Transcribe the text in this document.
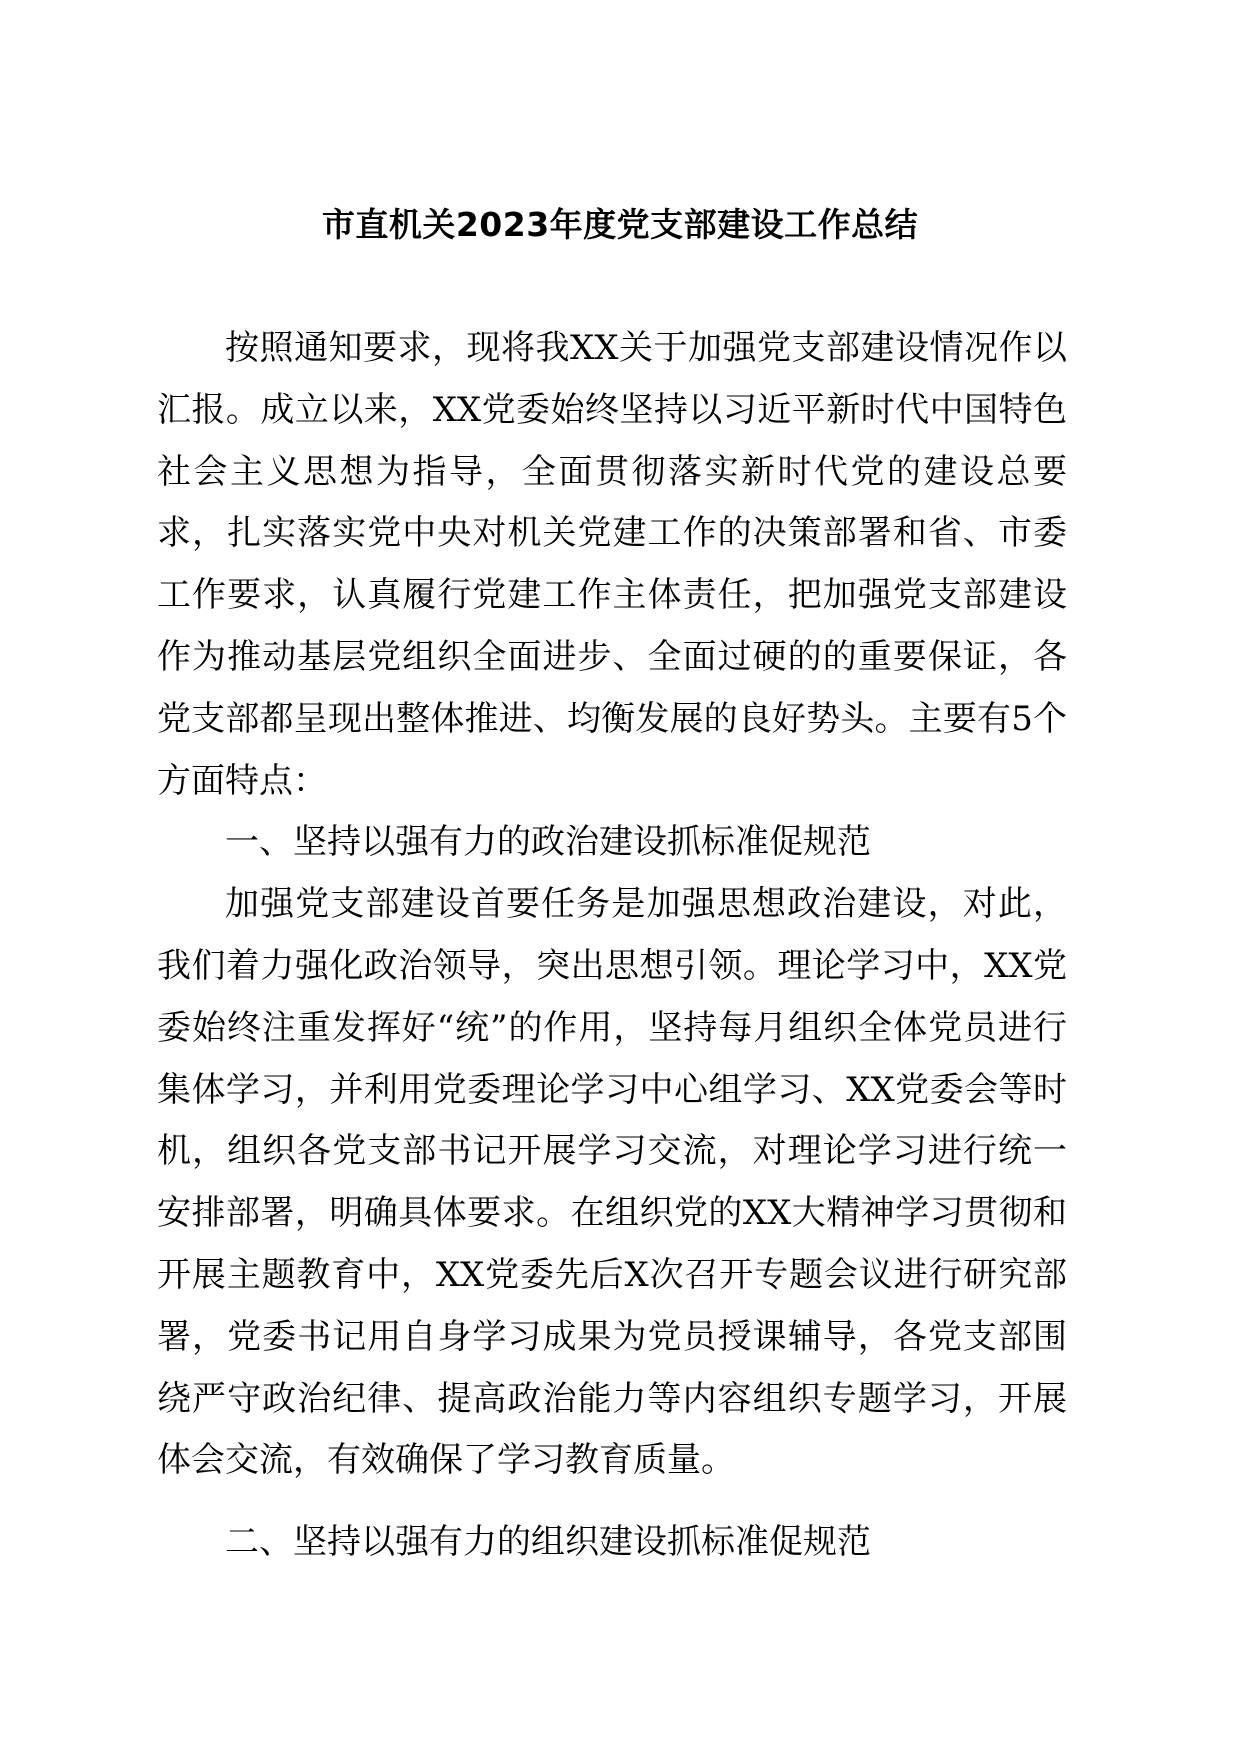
市直机关2023年度党支部建设工作总结

按照通知要求，现将我XX关于加强党支部建设情况作以汇报。成立以来，XX党委始终坚持以习近平新时代中国特色社会主义思想为指导，全面贯彻落实新时代党的建设总要求，扎实落实党中央对机关党建工作的决策部署和省、市委工作要求，认真履行党建工作主体责任，把加强党支部建设作为推动基层党组织全面进步、全面过硬的的重要保证，各党支部都呈现出整体推进、均衡发展的良好势头。主要有5个方面特点：

一、坚持以强有力的政治建设抓标准促规范

加强党支部建设首要任务是加强思想政治建设，对此，我们着力强化政治领导，突出思想引领。理论学习中，XX党委始终注重发挥好“统”的作用，坚持每月组织全体党员进行集体学习，并利用党委理论学习中心组学习、XX党委会等时机，组织各党支部书记开展学习交流，对理论学习进行统一安排部署，明确具体要求。在组织党的XX大精神学习贯彻和开展主题教育中，XX党委先后X次召开专题会议进行研究部署，党委书记用自身学习成果为党员授课辅导，各党支部围绕严守政治纪律、提高政治能力等内容组织专题学习，开展体会交流，有效确保了学习教育质量。

二、坚持以强有力的组织建设抓标准促规范
